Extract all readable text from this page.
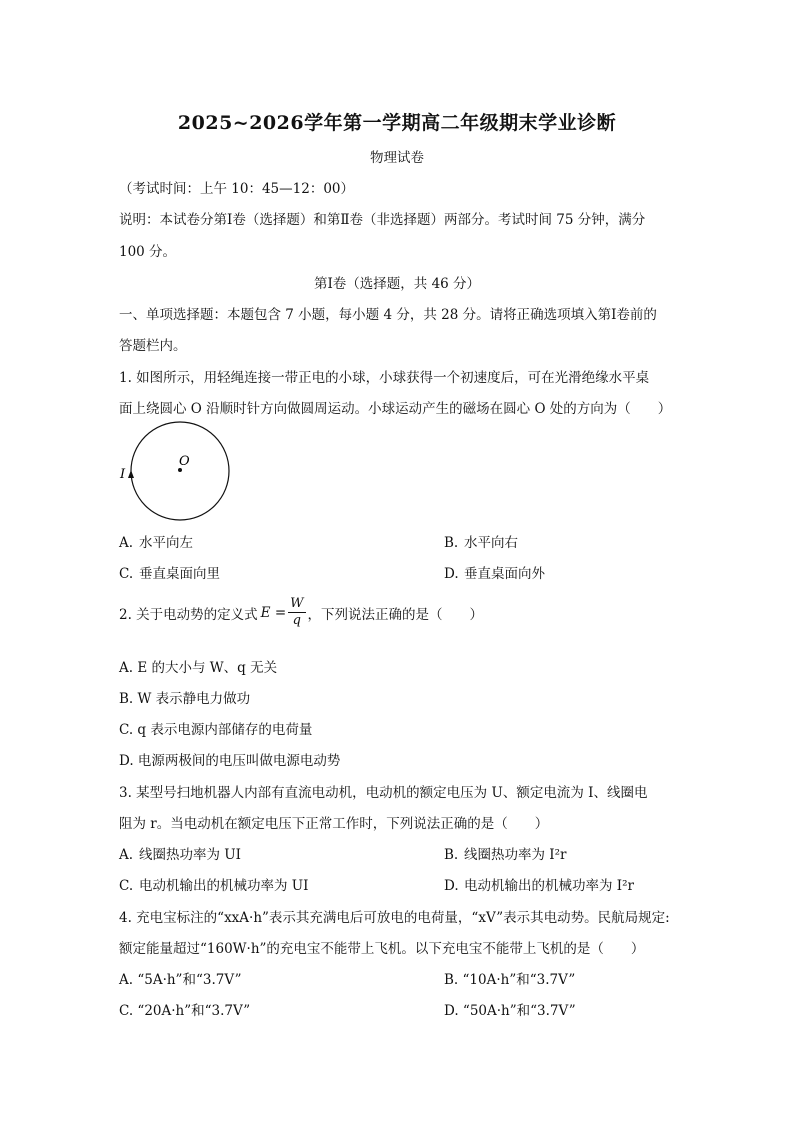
2025~2026学年第一学期高二年级期末学业诊断
物理试卷
（考试时间：上午 10：45—12：00）
说明：本试卷分第Ⅰ卷（选择题）和第Ⅱ卷（非选择题）两部分。考试时间 75 分钟，满分
100 分。
第Ⅰ卷（选择题，共 46 分）
一、单项选择题：本题包含 7 小题，每小题 4 分，共 28 分。请将正确选项填入第Ⅰ卷前的
答题栏内。
1. 如图所示，用轻绳连接一带正电的小球，小球获得一个初速度后，可在光滑绝缘水平桌
面上绕圆心 O 沿顺时针方向做圆周运动。小球运动产生的磁场在圆心 O 处的方向为（　　）
O
I
A. 水平向左	B. 水平向右
C. 垂直桌面向里	D. 垂直桌面向外
2. 关于电动势的定义式 $E = \frac{W}{q}$ ，下列说法正确的是（　　）
A. E 的大小与 W、q 无关
B. W 表示静电力做功
C. q 表示电源内部储存的电荷量
D. 电源两极间的电压叫做电源电动势
3. 某型号扫地机器人内部有直流电动机，电动机的额定电压为 U、额定电流为 I、线圈电
阻为 r。当电动机在额定电压下正常工作时，下列说法正确的是（　　）
A. 线圈热功率为 UI	B. 线圈热功率为 I²r
C. 电动机输出的机械功率为 UI	D. 电动机输出的机械功率为 I²r
4. 充电宝标注的“xxA·h”表示其充满电后可放电的电荷量，“xV”表示其电动势。民航局规定:
额定能量超过“160W·h”的充电宝不能带上飞机。以下充电宝不能带上飞机的是（　　）
A. “5A·h”和“3.7V”	B. “10A·h”和“3.7V”
C. “20A·h”和“3.7V”	D. “50A·h”和“3.7V”
